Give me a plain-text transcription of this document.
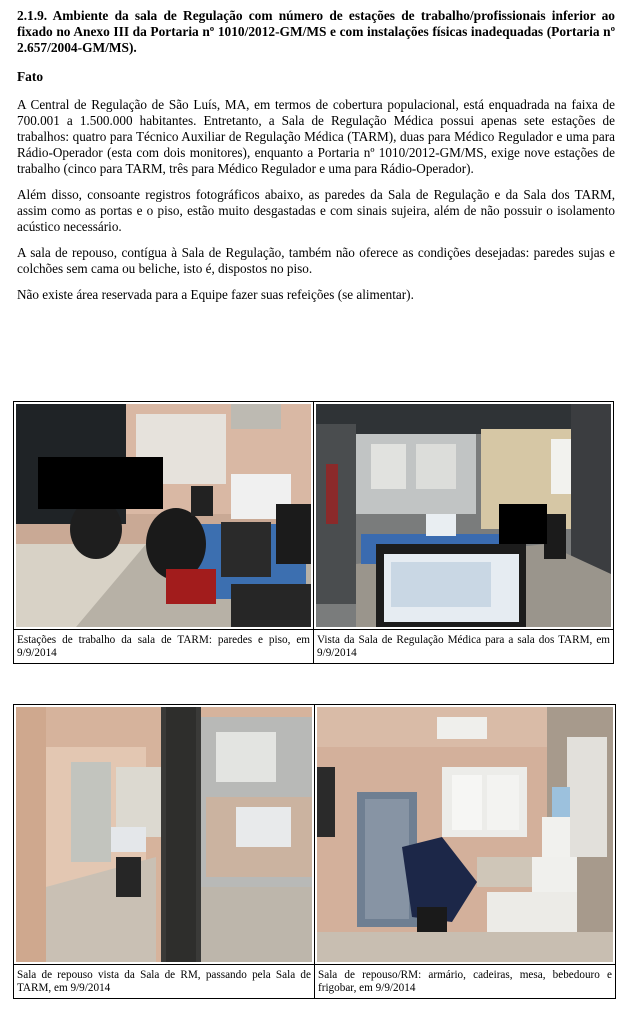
2.1.9. Ambiente da sala de Regulação com número de estações de trabalho/profissionais inferior ao fixado no Anexo III da Portaria nº 1010/2012-GM/MS e com instalações físicas inadequadas (Portaria nº 2.657/2004-GM/MS).

Fato

A Central de Regulação de São Luís, MA, em termos de cobertura populacional, está enquadrada na faixa de 700.001 a 1.500.000 habitantes. Entretanto, a Sala de Regulação Médica possui apenas sete estações de trabalhos: quatro para Técnico Auxiliar de Regulação Médica (TARM), duas para Médico Regulador e uma para Rádio-Operador (esta com dois monitores), enquanto a Portaria nº 1010/2012-GM/MS, exige nove estações de trabalho (cinco para TARM, três para Médico Regulador e uma para Rádio-Operador).

Além disso, consoante registros fotográficos abaixo, as paredes da Sala de Regulação e da Sala dos TARM, assim como as portas e o piso, estão muito desgastadas e com sinais sujeira, além de não possuir o isolamento acústico necessário.

A sala de repouso, contígua à Sala de Regulação, também não oferece as condições desejadas: paredes sujas e colchões sem cama ou beliche, isto é, dispostos no piso.

Não existe área reservada para a Equipe fazer suas refeições (se alimentar).

Estações de trabalho da sala de TARM: paredes e piso, em 9/9/2014	Vista da Sala de Regulação Médica para a sala dos TARM, em 9/9/2014

Sala de repouso vista da Sala de RM, passando pela Sala de TARM, em 9/9/2014	Sala de repouso/RM: armário, cadeiras, mesa, bebedouro e frigobar, em 9/9/2014
